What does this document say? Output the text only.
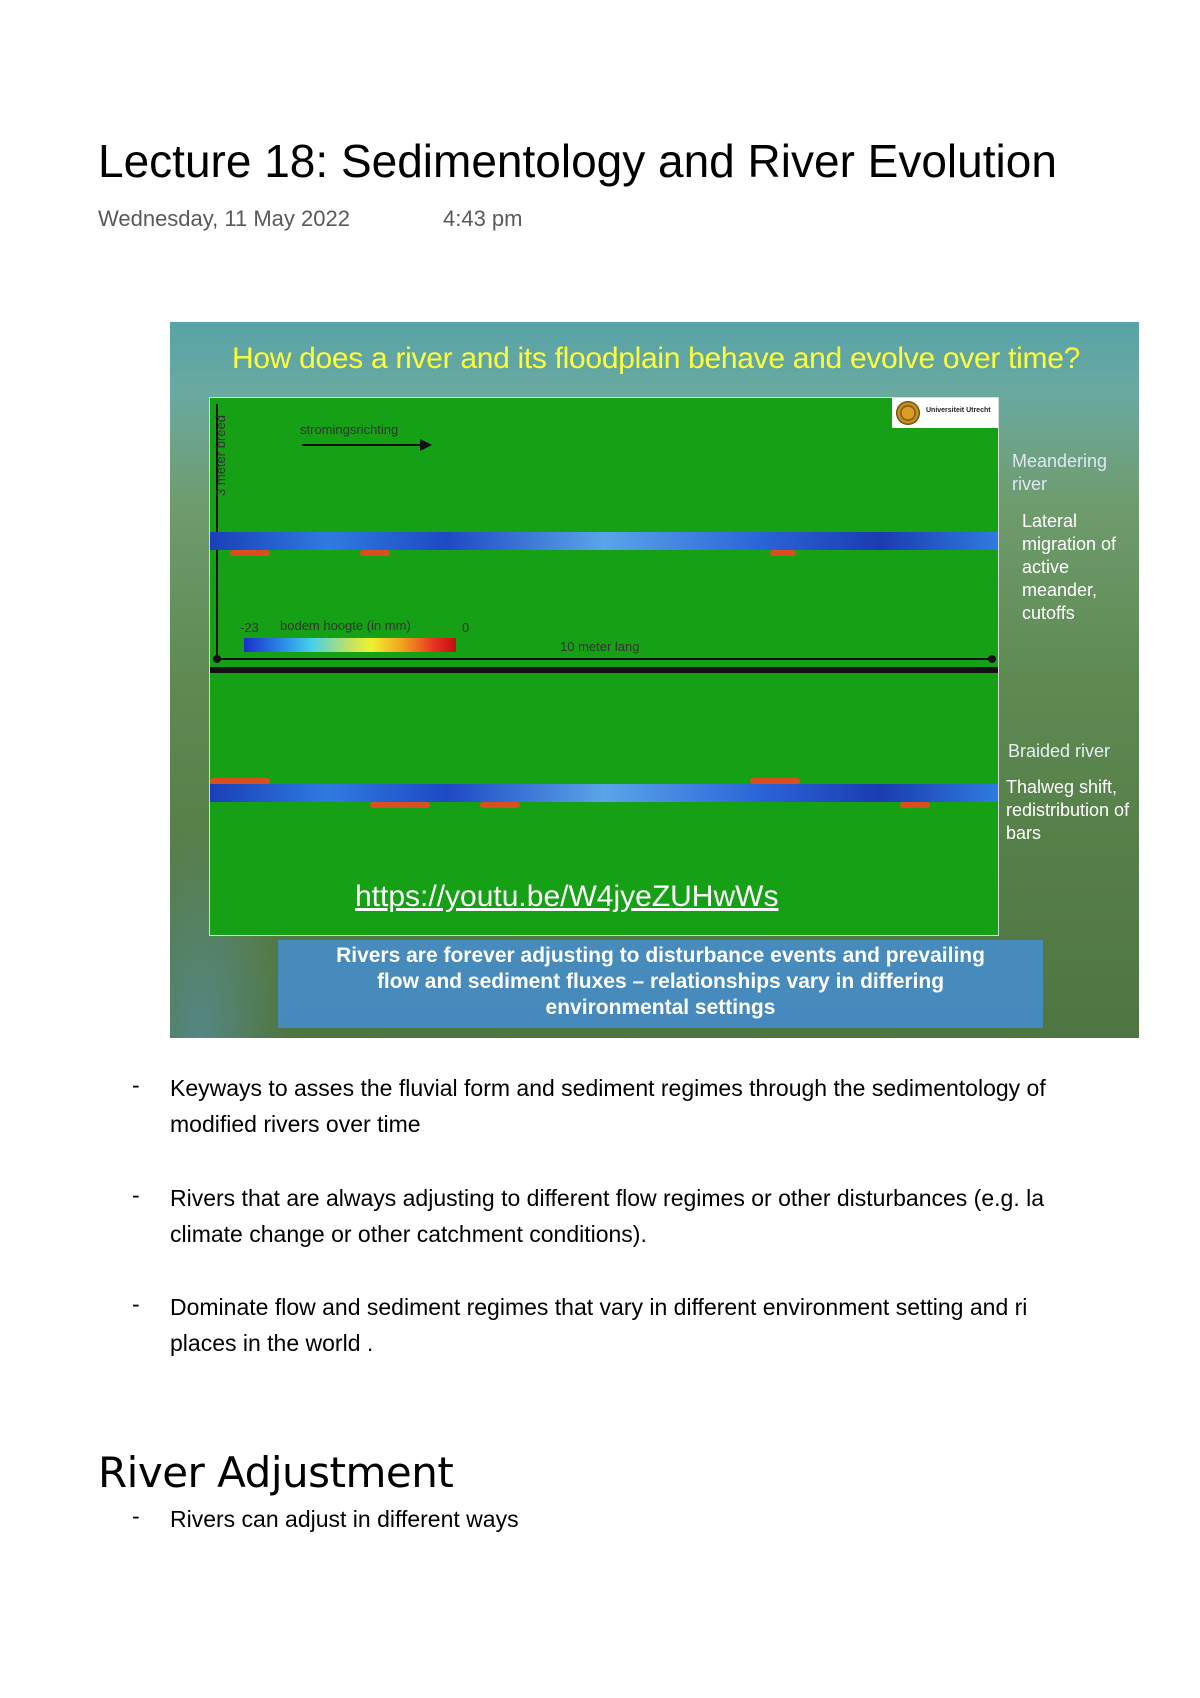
Lecture 18: Sedimentology and River Evolution
Wednesday, 11 May 2022	4:43 pm
How does a river and its floodplain behave and evolve over time?
3 meter breed	stromingsrichting
-23 bodem hoogte (in mm)	0
10 meter lang
Universiteit Utrecht
https://youtu.be/W4jyeZUHwWs
Meandering river
Lateral migration of active meander, cutoffs
Braided river
Thalweg shift, redistribution of bars
Rivers are forever adjusting to disturbance events and prevailing
flow and sediment fluxes – relationships vary in differing
environmental settings
- Keyways to asses the fluvial form and sediment regimes through the sedimentology of
modified rivers over time
- Rivers that are always adjusting to different flow regimes or other disturbances (e.g. la
climate change or other catchment conditions).
- Dominate flow and sediment regimes that vary in different environment setting and ri
places in the world .
River Adjustment
- Rivers can adjust in different ways
